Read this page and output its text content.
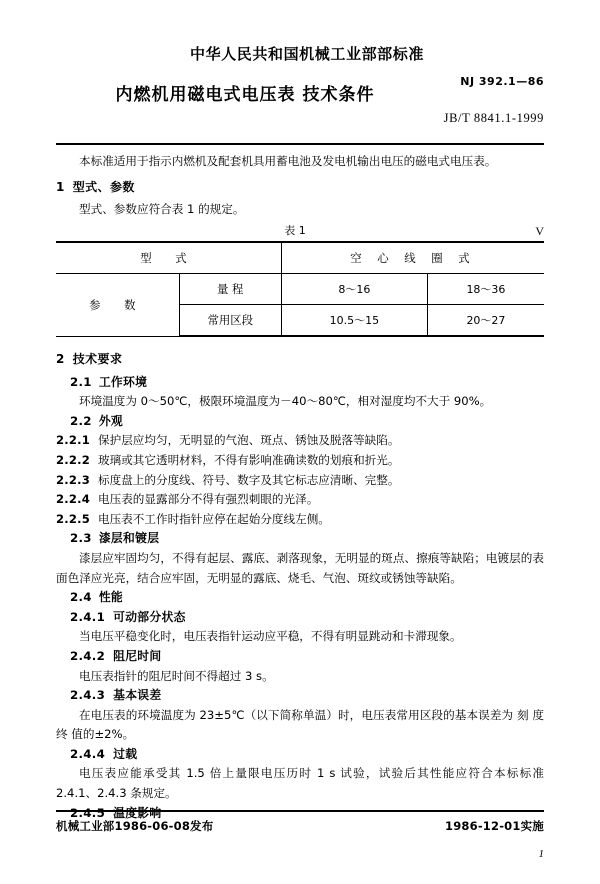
中华人民共和国机械工业部部标准
内燃机用磁电式电压表 技术条件
NJ 392.1—86
JB/T 8841.1-1999

本标准适用于指示内燃机及配套机具用蓄电池及发电机输出电压的磁电式电压表。

1 型式、参数

型式、参数应符合表 1 的规定。

表 1	V
型 式		空 心 线 圈 式	
参 数	量 程	8～16	18～36
	常用区段	10.5～15	20～27

2 技术要求

2.1 工作环境

环境温度为 0～50℃，极限环境温度为－40～80℃，相对湿度均不大于 90%。

2.2 外观

2.2.1 保护层应均匀，无明显的气泡、斑点、锈蚀及脱落等缺陷。

2.2.2 玻璃或其它透明材料，不得有影响准确读数的划痕和折光。

2.2.3 标度盘上的分度线、符号、数字及其它标志应清晰、完整。

2.2.4 电压表的显露部分不得有强烈刺眼的光泽。

2.2.5 电压表不工作时指针应停在起始分度线左侧。

2.3 漆层和镀层

漆层应牢固均匀，不得有起层、露底、剥落现象，无明显的斑点、擦痕等缺陷；电镀层的表面色泽应光亮，结合应牢固，无明显的露底、烧毛、气泡、斑纹或锈蚀等缺陷。

2.4 性能

2.4.1 可动部分状态

当电压平稳变化时，电压表指针运动应平稳，不得有明显跳动和卡滞现象。

2.4.2 阻尼时间

电压表指针的阻尼时间不得超过 3 s。

2.4.3 基本误差

在电压表的环境温度为 23±5℃（以下简称单温）时，电压表常用区段的基本误差为 刻 度 终 值的±2%。

2.4.4 过载

电压表应能承受其 1.5 倍上量限电压历时 1 s 试验，试验后其性能应符合本标标准 2.4.1、2.4.3 条规定。

2.4.5 温度影响

机械工业部1986-06-08发布	1986-12-01实施
1
